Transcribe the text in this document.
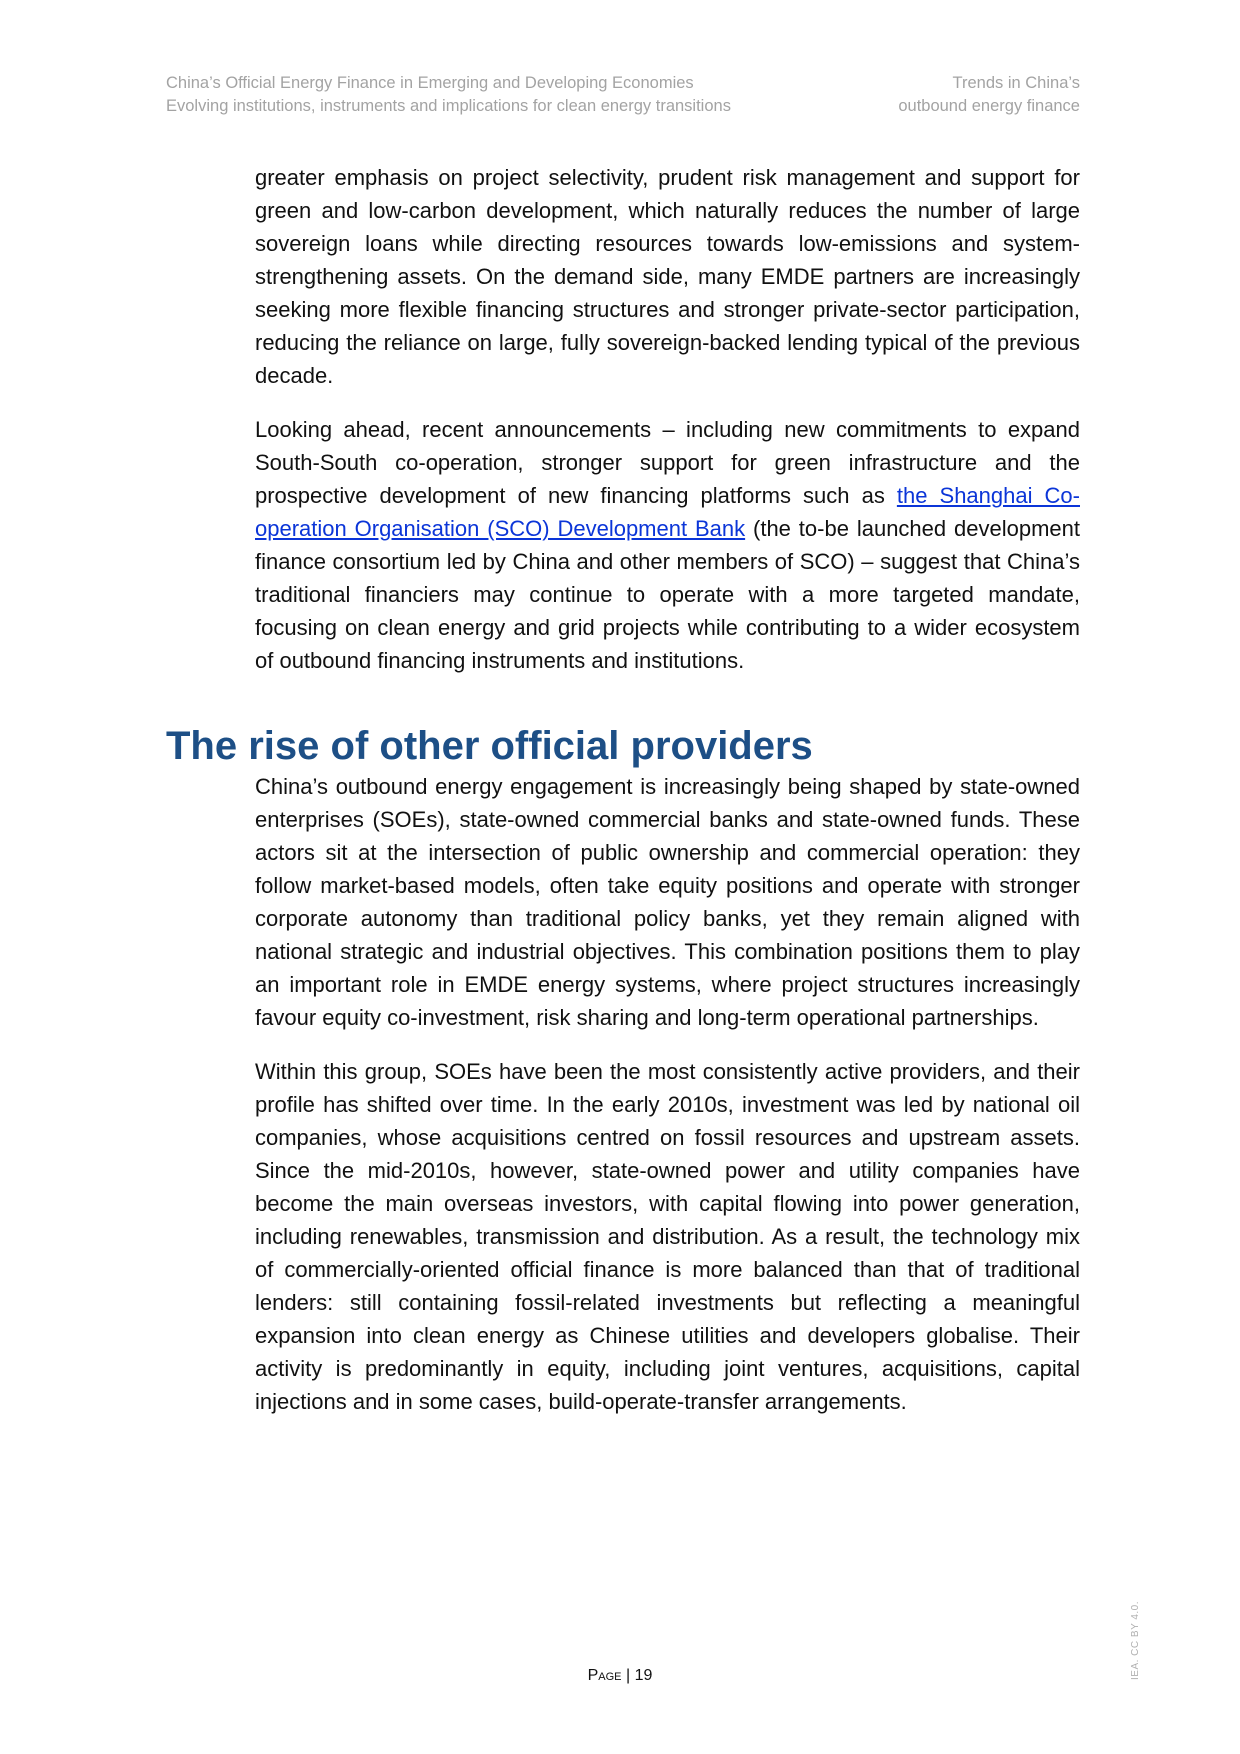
China’s Official Energy Finance in Emerging and Developing Economies
Evolving institutions, instruments and implications for clean energy transitions
Trends in China’s
outbound energy finance

greater emphasis on project selectivity, prudent risk management and support for green and low-carbon development, which naturally reduces the number of large sovereign loans while directing resources towards low-emissions and system-strengthening assets. On the demand side, many EMDE partners are increasingly seeking more flexible financing structures and stronger private-sector participation, reducing the reliance on large, fully sovereign-backed lending typical of the previous decade.

Looking ahead, recent announcements – including new commitments to expand South-South co-operation, stronger support for green infrastructure and the prospective development of new financing platforms such as the Shanghai Co-operation Organisation (SCO) Development Bank (the to-be launched development finance consortium led by China and other members of SCO) – suggest that China’s traditional financiers may continue to operate with a more targeted mandate, focusing on clean energy and grid projects while contributing to a wider ecosystem of outbound financing instruments and institutions.

The rise of other official providers

China’s outbound energy engagement is increasingly being shaped by state-owned enterprises (SOEs), state-owned commercial banks and state-owned funds. These actors sit at the intersection of public ownership and commercial operation: they follow market-based models, often take equity positions and operate with stronger corporate autonomy than traditional policy banks, yet they remain aligned with national strategic and industrial objectives. This combination positions them to play an important role in EMDE energy systems, where project structures increasingly favour equity co-investment, risk sharing and long-term operational partnerships.

Within this group, SOEs have been the most consistently active providers, and their profile has shifted over time. In the early 2010s, investment was led by national oil companies, whose acquisitions centred on fossil resources and upstream assets. Since the mid-2010s, however, state-owned power and utility companies have become the main overseas investors, with capital flowing into power generation, including renewables, transmission and distribution. As a result, the technology mix of commercially-oriented official finance is more balanced than that of traditional lenders: still containing fossil-related investments but reflecting a meaningful expansion into clean energy as Chinese utilities and developers globalise. Their activity is predominantly in equity, including joint ventures, acquisitions, capital injections and in some cases, build-operate-transfer arrangements.

Page | 19	IEA. CC BY 4.0.
